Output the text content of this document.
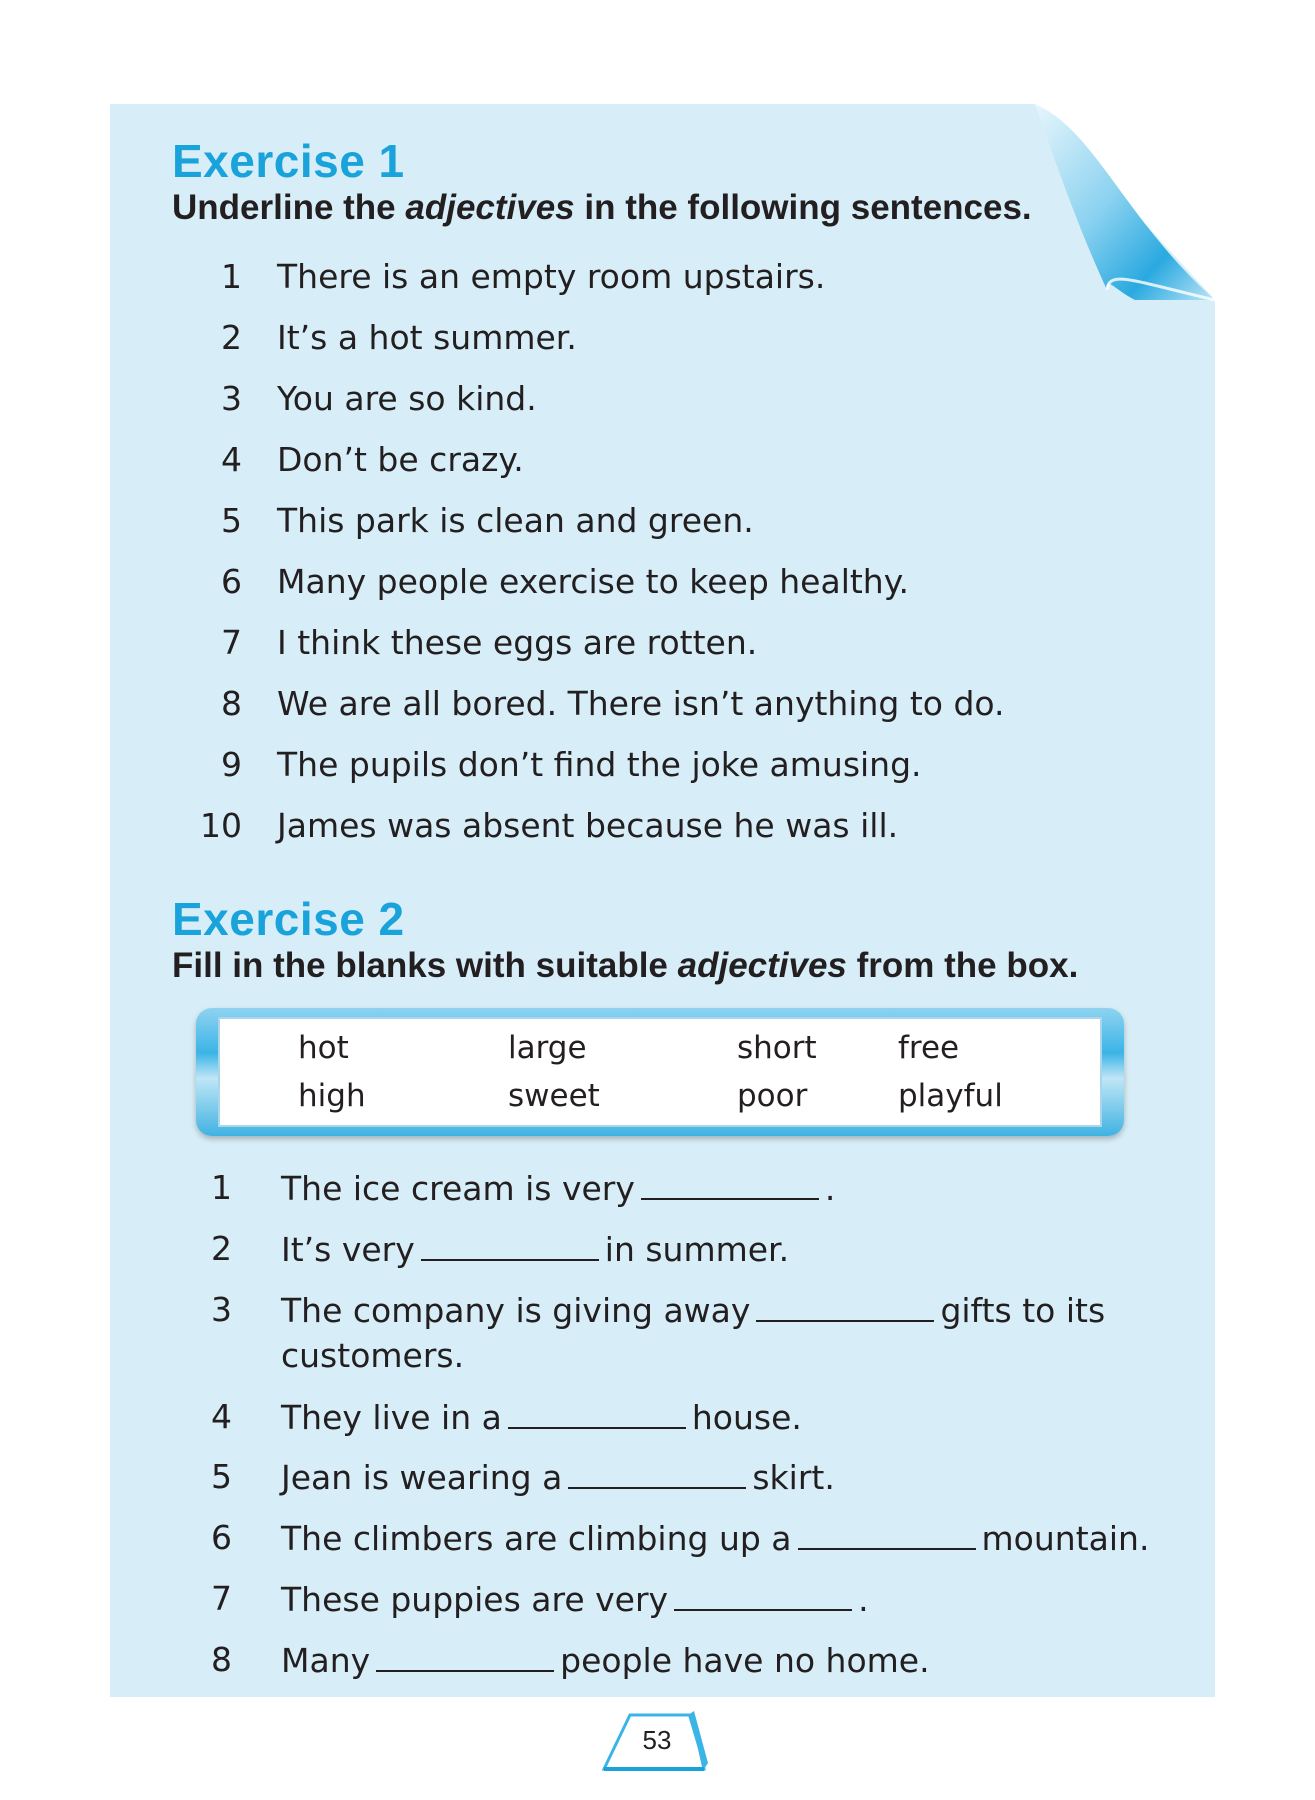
Exercise 1

Underline the adjectives in the following sentences.

1 There is an empty room upstairs.
2 It’s a hot summer.
3 You are so kind.
4 Don’t be crazy.
5 This park is clean and green.
6 Many people exercise to keep healthy.
7 I think these eggs are rotten.
8 We are all bored. There isn’t anything to do.
9 The pupils don’t find the joke amusing.
10 James was absent because he was ill.
Exercise 2

Fill in the blanks with suitable adjectives from the box.

hot	large	short	free
high	sweet	poor	playful
1 The ice cream is very	.
2 It’s very	in summer.
3 The company is giving away	gifts to its
customers.
4 They live in a	house.
5 Jean is wearing a	skirt.
6 The climbers are climbing up a	mountain.
7 These puppies are very	.
8 Many	people have no home.
53
